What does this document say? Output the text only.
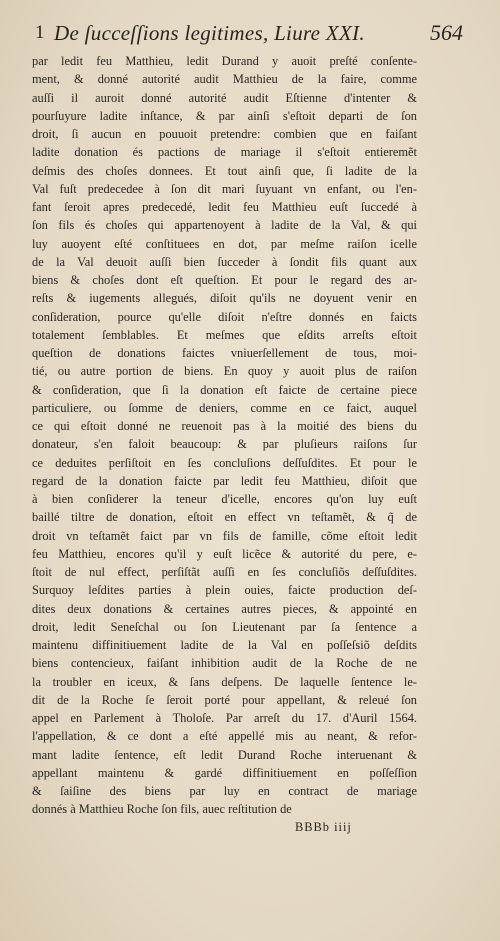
1 De ſucceſſions legitimes, Liure XXI.	564
par ledit feu Matthieu, ledit Durand y auoit preſté conſente-
ment, & donné autorité audit Matthieu de la faire, comme
auſſi il auroit donné autorité audit Eſtienne d'intenter &
pourſuyure ladite inſtance, & par ainſi s'eſtoit departi de ſon
droit, ſi aucun en pouuoit pretendre: combien que en faiſant
ladite donation és pactions de mariage il s'eſtoit entieremẽt
deſmis des choſes donnees. Et tout ainſi que, ſi ladite de la
Val fuſt predecedee à ſon dit mari ſuyuant vn enfant, ou l'en-
fant ſeroit apres predecedé, ledit feu Matthieu euſt ſuccedé à
ſon fils és choſes qui appartenoyent à ladite de la Val, & qui
luy auoyent eſté conſtituees en dot, par meſme raiſon icelle
de la Val deuoit auſſi bien ſucceder à ſondit fils quant aux
biens & choſes dont eſt queſtion. Et pour le regard des ar-
reſts & iugements allegués, diſoit qu'ils ne doyuent venir en
conſideration, pource qu'elle diſoit n'eſtre donnés en faicts
totalement ſemblables. Et meſmes que eſdits arreſts eſtoit
queſtion de donations faictes vniuerſellement de tous, moi-
tié, ou autre portion de biens. En quoy y auoit plus de raiſon
& conſideration, que ſi la donation eſt faicte de certaine piece
particuliere, ou ſomme de deniers, comme en ce faict, auquel
ce qui eſtoit donné ne reuenoit pas à la moitié des biens du
donateur, s'en faloit beaucoup: & par pluſieurs raiſons ſur
ce deduites perſiſtoit en ſes concluſions deſſuſdites. Et pour le
regard de la donation faicte par ledit feu Matthieu, diſoit que
à bien conſiderer la teneur d'icelle, encores qu'on luy euſt
baillé tiltre de donation, eſtoit en effect vn teſtamẽt, & q̃ de
droit vn teſtamẽt faict par vn fils de famille, cõme eſtoit ledit
feu Matthieu, encores qu'il y euſt licẽce & autorité du pere, e-
ſtoit de nul effect, perſiſtãt auſſi en ſes concluſiõs deſſuſdites.
Surquoy leſdites parties à plein ouies, faicte production deſ-
dites deux donations & certaines autres pieces, & appointé en
droit, ledit Seneſchal ou ſon Lieutenant par ſa ſentence a
maintenu diffinitiuement ladite de la Val en poſſeſsiõ deſdits
biens contencieux, faiſant inhibition audit de la Roche de ne
la troubler en iceux, & ſans deſpens. De laquelle ſentence le-
dit de la Roche ſe ſeroit porté pour appellant, & releué ſon
appel en Parlement à Tholoſe. Par arreſt du 17. d'Auril 1564.
l'appellation, & ce dont a eſté appellé mis au neant, & refor-
mant ladite ſentence, eſt ledit Durand Roche interuenant &
appellant maintenu & gardé diffinitiuement en poſſeſſion
& ſaiſine des biens par luy en contract de mariage
donnés à Matthieu Roche ſon fils, auec reſtitution de
BBBb iiij
